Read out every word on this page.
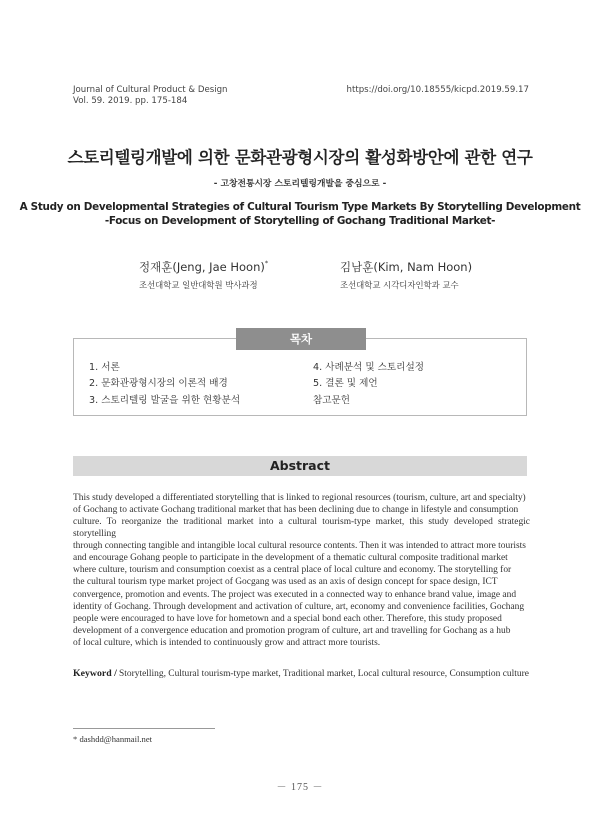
Journal of Cultural Product & Design
Vol. 59. 2019. pp. 175-184
https://doi.org/10.18555/kicpd.2019.59.17
스토리텔링개발에 의한 문화관광형시장의 활성화방안에 관한 연구
- 고창전통시장 스토리텔링개발을 중심으로 -
A Study on Developmental Strategies of Cultural Tourism Type Markets By Storytelling Development
-Focus on Development of Storytelling of Gochang Traditional Market-
정재훈(Jeng, Jae Hoon)*
조선대학교 일반대학원 박사과정
김남훈(Kim, Nam Hoon)
조선대학교 시각디자인학과 교수
목차
1. 서론
2. 문화관광형시장의 이론적 배경
3. 스토리텔링 발굴을 위한 현황분석
4. 사례분석 및 스토리설정
5. 결론 및 제언
참고문헌
Abstract
This study developed a differentiated storytelling that is linked to regional resources (tourism, culture, art and specialty)
of Gochang to activate Gochang traditional market that has been declining due to change in lifestyle and consumption
culture. To reorganize the traditional market into a cultural tourism-type market, this study developed strategic storytelling
through connecting tangible and intangible local cultural resource contents. Then it was intended to attract more tourists
and encourage Gohang people to participate in the development of a thematic cultural composite traditional market
where culture, tourism and consumption coexist as a central place of local culture and economy. The storytelling for
the cultural tourism type market project of Gocgang was used as an axis of design concept for space design, ICT
convergence, promotion and events. The project was executed in a connected way to enhance brand value, image and
identity of Gochang. Through development and activation of culture, art, economy and convenience facilities, Gochang
people were encouraged to have love for hometown and a special bond each other. Therefore, this study proposed
development of a convergence education and promotion program of culture, art and travelling for Gochang as a hub
of local culture, which is intended to continuously grow and attract more tourists.
Keyword / Storytelling, Cultural tourism-type market, Traditional market, Local cultural resource, Consumption culture
* dashdd@hanmail.net
－ 175 －
